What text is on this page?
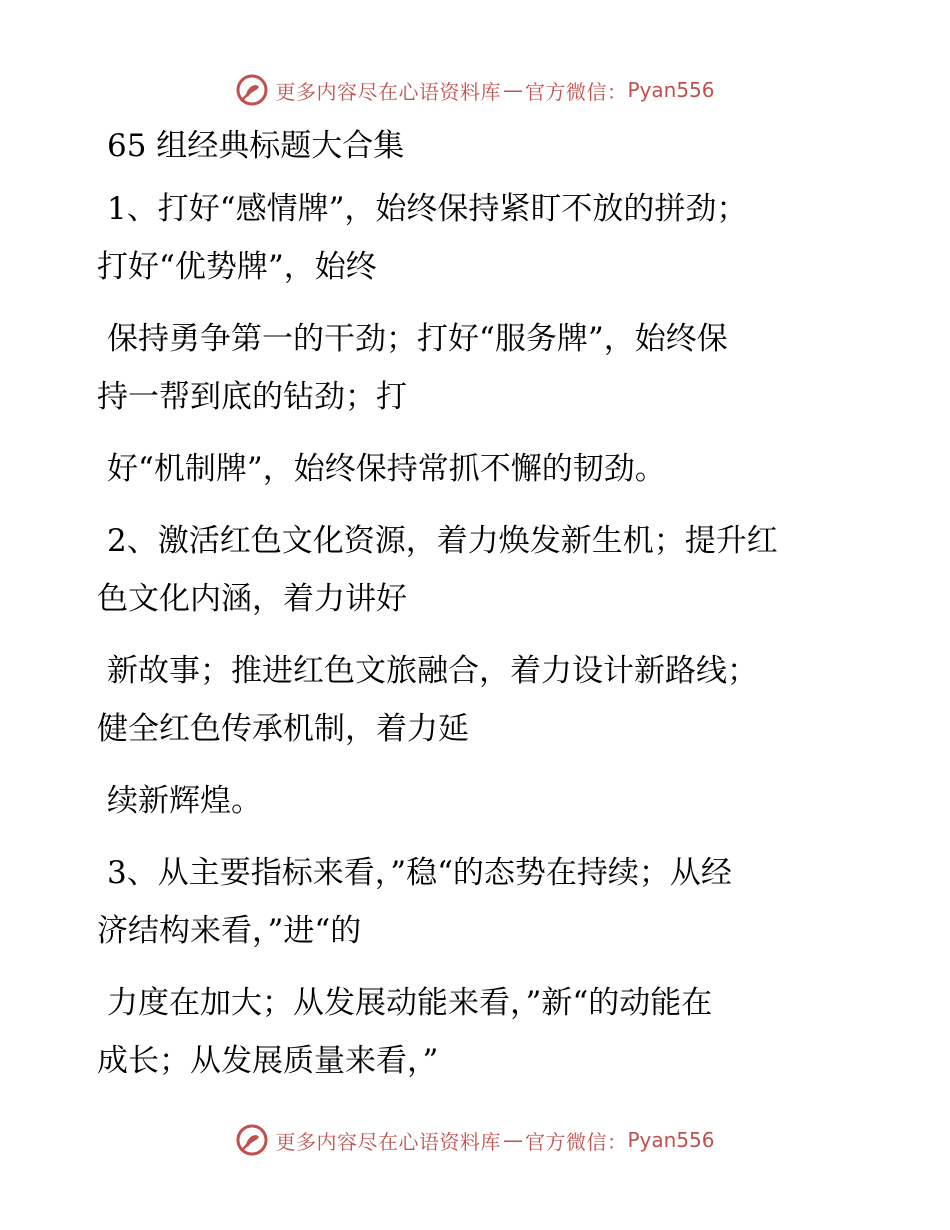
更多内容尽在心语资料库 — 官方微信： Pyan556
65 组经典标题大合集
1、打好“感情牌”，始终保持紧盯不放的拼劲；
打好“优势牌”，始终
保持勇争第一的干劲；打好“服务牌”，始终保
持一帮到底的钻劲；打
好“机制牌”，始终保持常抓不懈的韧劲。
2、激活红色文化资源，着力焕发新生机；提升红
色文化内涵，着力讲好
新故事；推进红色文旅融合，着力设计新路线；
健全红色传承机制，着力延
续新辉煌。
3、从主要指标来看，”稳“的态势在持续；从经
济结构来看，”进“的
力度在加大；从发展动能来看，”新“的动能在
成长；从发展质量来看，”
更多内容尽在心语资料库 — 官方微信： Pyan556
